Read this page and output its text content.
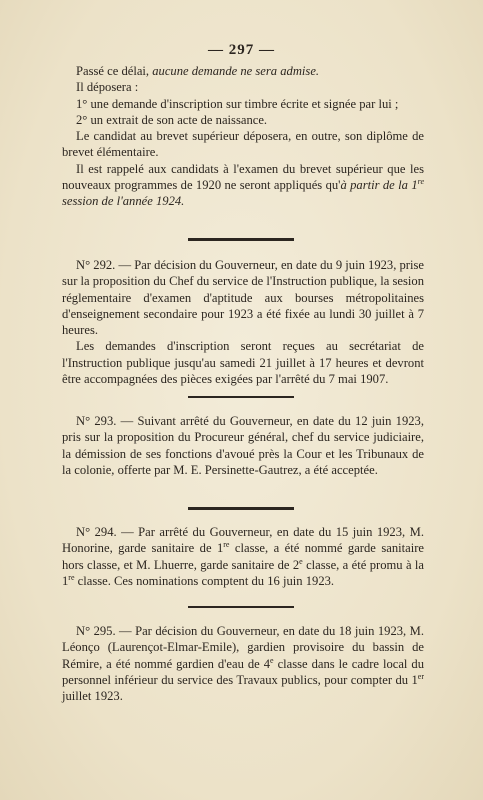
— 297 —

Passé ce délai, aucune demande ne sera admise.

Il déposera :

1° une demande d'inscription sur timbre écrite et signée par lui ;

2° un extrait de son acte de naissance.

Le candidat au brevet supérieur déposera, en outre, son diplôme de brevet élémentaire.

Il est rappelé aux candidats à l'examen du brevet supérieur que les nouveaux programmes de 1920 ne seront appliqués qu'à partir de la 1re session de l'année 1924.

N° 292. — Par décision du Gouverneur, en date du 9 juin 1923, prise sur la proposition du Chef du service de l'Instruction publique, la sesion réglementaire d'examen d'aptitude aux bourses métropolitaines d'enseignement secondaire pour 1923 a été fixée au lundi 30 juillet à 7 heures.

Les demandes d'inscription seront reçues au secrétariat de l'Instruction publique jusqu'au samedi 21 juillet à 17 heures et devront être accompagnées des pièces exigées par l'arrêté du 7 mai 1907.

N° 293. — Suivant arrêté du Gouverneur, en date du 12 juin 1923, pris sur la proposition du Procureur général, chef du service judiciaire, la démission de ses fonctions d'avoué près la Cour et les Tribunaux de la colonie, offerte par M. E. Persinette-Gautrez, a été acceptée.

N° 294. — Par arrêté du Gouverneur, en date du 15 juin 1923, M. Honorine, garde sanitaire de 1re classe, a été nommé garde sanitaire hors classe, et M. Lhuerre, garde sanitaire de 2e classe, a été promu à la 1re classe. Ces nominations comptent du 16 juin 1923.

N° 295. — Par décision du Gouverneur, en date du 18 juin 1923, M. Léonço (Laurençot-Elmar-Emile), gardien provisoire du bassin de Rémire, a été nommé gardien d'eau de 4e classe dans le cadre local du personnel inférieur du service des Travaux publics, pour compter du 1er juillet 1923.
